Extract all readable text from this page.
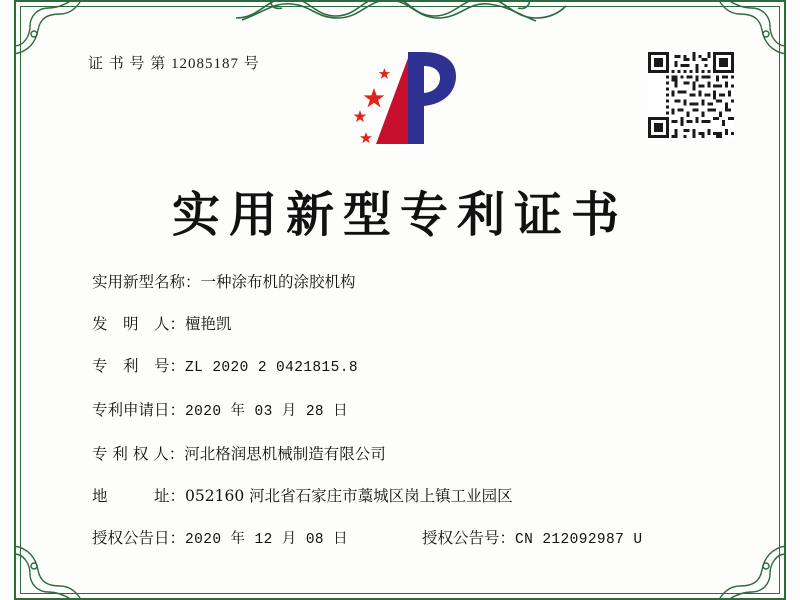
证 书 号 第 12085187 号
实用新型专利证书
实用新型名称： 一种涂布机的涂胶机构
发　明　人： 檀艳凯
专　利　号： ZL 2020 2 0421815.8
专利申请日： 2020 年 03 月 28 日
专 利 权 人： 河北格润思机械制造有限公司
地　　　址： 052160 河北省石家庄市藁城区岗上镇工业园区
授权公告日： 2020 年 12 月 08 日	授权公告号： CN 212092987 U
